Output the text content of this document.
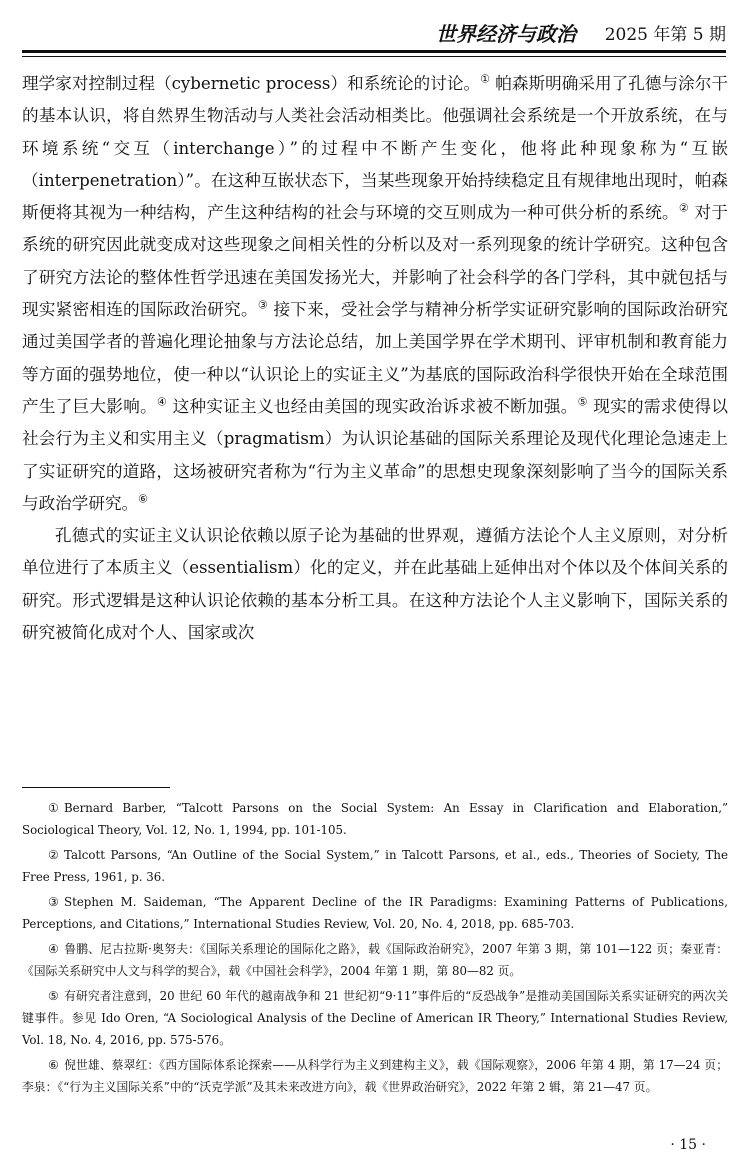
世界经济与政治 2025 年第 5 期

理学家对控制过程（cybernetic process）和系统论的讨论。① 帕森斯明确采用了孔德与涂尔干的基本认识，将自然界生物活动与人类社会活动相类比。他强调社会系统是一个开放系统，在与环境系统“交互（interchange）”的过程中不断产生变化，他将此种现象称为“互嵌（interpenetration）”。在这种互嵌状态下，当某些现象开始持续稳定且有规律地出现时，帕森斯便将其视为一种结构，产生这种结构的社会与环境的交互则成为一种可供分析的系统。② 对于系统的研究因此就变成对这些现象之间相关性的分析以及对一系列现象的统计学研究。这种包含了研究方法论的整体性哲学迅速在美国发扬光大，并影响了社会科学的各门学科，其中就包括与现实紧密相连的国际政治研究。③ 接下来，受社会学与精神分析学实证研究影响的国际政治研究通过美国学者的普遍化理论抽象与方法论总结，加上美国学界在学术期刊、评审机制和教育能力等方面的强势地位，使一种以“认识论上的实证主义”为基底的国际政治科学很快开始在全球范围产生了巨大影响。④ 这种实证主义也经由美国的现实政治诉求被不断加强。⑤ 现实的需求使得以社会行为主义和实用主义（pragmatism）为认识论基础的国际关系理论及现代化理论急速走上了实证研究的道路，这场被研究者称为“行为主义革命”的思想史现象深刻影响了当今的国际关系与政治学研究。⑥

孔德式的实证主义认识论依赖以原子论为基础的世界观，遵循方法论个人主义原则，对分析单位进行了本质主义（essentialism）化的定义，并在此基础上延伸出对个体以及个体间关系的研究。形式逻辑是这种认识论依赖的基本分析工具。在这种方法论个人主义影响下，国际关系的研究被简化成对个人、国家或次

① Bernard Barber, “Talcott Parsons on the Social System: An Essay in Clarification and Elaboration,” Sociological Theory, Vol. 12, No. 1, 1994, pp. 101-105.

② Talcott Parsons, “An Outline of the Social System,” in Talcott Parsons, et al., eds., Theories of Society, The Free Press, 1961, p. 36.

③ Stephen M. Saideman, “The Apparent Decline of the IR Paradigms: Examining Patterns of Publications, Perceptions, and Citations,” International Studies Review, Vol. 20, No. 4, 2018, pp. 685-703.

④ 鲁鹏、尼古拉斯·奥努夫：《国际关系理论的国际化之路》，载《国际政治研究》，2007 年第 3 期，第 101—122 页；秦亚青：《国际关系研究中人文与科学的契合》，载《中国社会科学》，2004 年第 1 期，第 80—82 页。

⑤ 有研究者注意到，20 世纪 60 年代的越南战争和 21 世纪初“9·11”事件后的“反恐战争”是推动美国国际关系实证研究的两次关键事件。参见 Ido Oren, “A Sociological Analysis of the Decline of American IR Theory,” International Studies Review, Vol. 18, No. 4, 2016, pp. 575-576。

⑥ 倪世雄、蔡翠红：《西方国际体系论探索——从科学行为主义到建构主义》，载《国际观察》，2006 年第 4 期，第 17—24 页；李泉：《“行为主义国际关系”中的“沃克学派”及其未来改进方向》，载《世界政治研究》，2022 年第 2 辑，第 21—47 页。

· 15 ·
